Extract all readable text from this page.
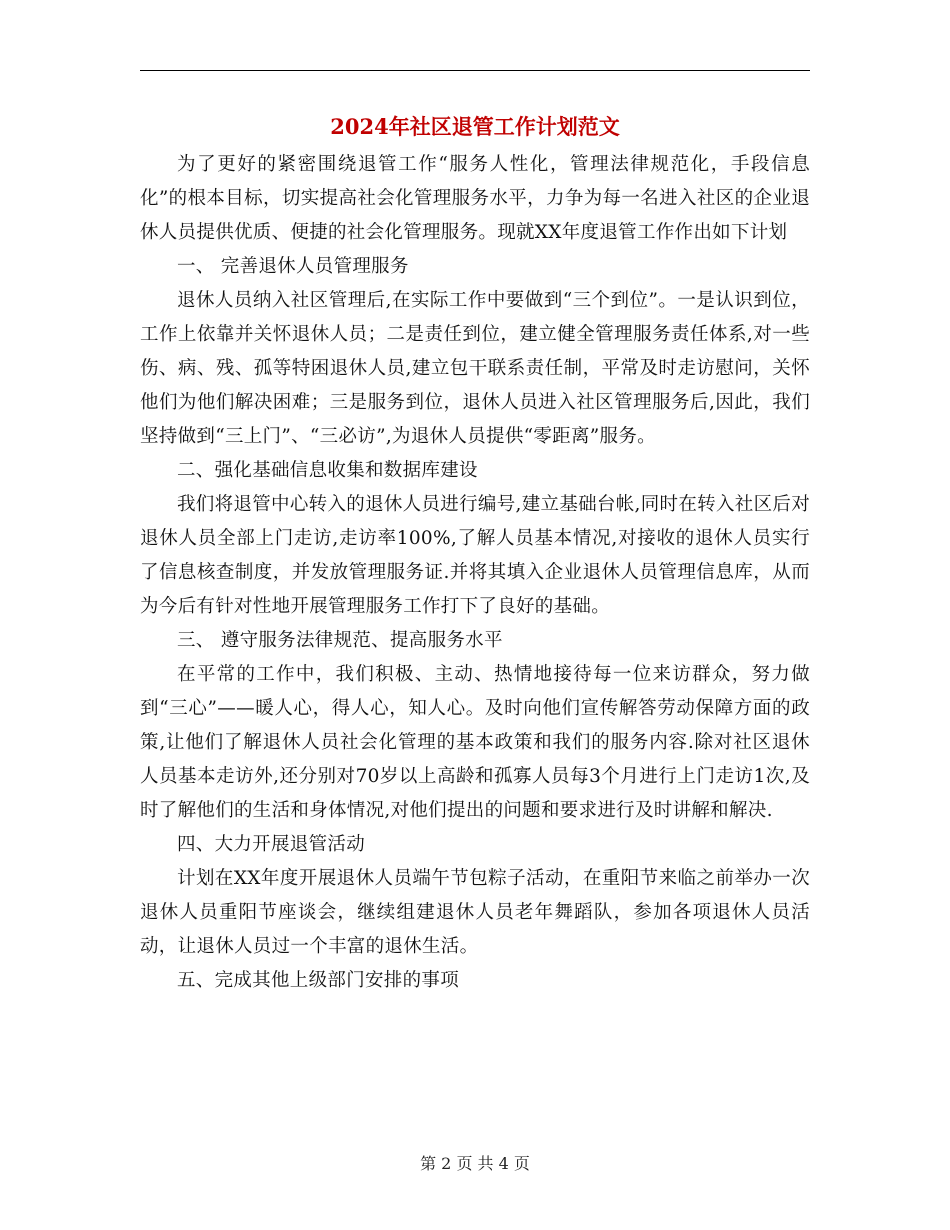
2024年社区退管工作计划范文

为了更好的紧密围绕退管工作“服务人性化，管理法律规范化，手段信息化”的根本目标，切实提高社会化管理服务水平，力争为每一名进入社区的企业退休人员提供优质、便捷的社会化管理服务。现就XX年度退管工作作出如下计划

一、 完善退休人员管理服务

退休人员纳入社区管理后,在实际工作中要做到“三个到位”。一是认识到位，工作上依靠并关怀退休人员；二是责任到位，建立健全管理服务责任体系,对一些伤、病、残、孤等特困退休人员,建立包干联系责任制，平常及时走访慰问，关怀他们为他们解决困难；三是服务到位，退休人员进入社区管理服务后,因此，我们坚持做到“三上门”、“三必访”,为退休人员提供“零距离”服务。

二、强化基础信息收集和数据库建设

我们将退管中心转入的退休人员进行编号,建立基础台帐,同时在转入社区后对退休人员全部上门走访,走访率100%,了解人员基本情况,对接收的退休人员实行了信息核查制度，并发放管理服务证.并将其填入企业退休人员管理信息库，从而为今后有针对性地开展管理服务工作打下了良好的基础。

三、 遵守服务法律规范、提高服务水平

在平常的工作中，我们积极、主动、热情地接待每一位来访群众，努力做到“三心”——暖人心，得人心，知人心。及时向他们宣传解答劳动保障方面的政策,让他们了解退休人员社会化管理的基本政策和我们的服务内容.除对社区退休人员基本走访外,还分别对70岁以上高龄和孤寡人员每3个月进行上门走访1次,及时了解他们的生活和身体情况,对他们提出的问题和要求进行及时讲解和解决.

四、大力开展退管活动

计划在XX年度开展退休人员端午节包粽子活动，在重阳节来临之前举办一次退休人员重阳节座谈会，继续组建退休人员老年舞蹈队，参加各项退休人员活动，让退休人员过一个丰富的退休生活。

五、完成其他上级部门安排的事项

第 2 页 共 4 页
